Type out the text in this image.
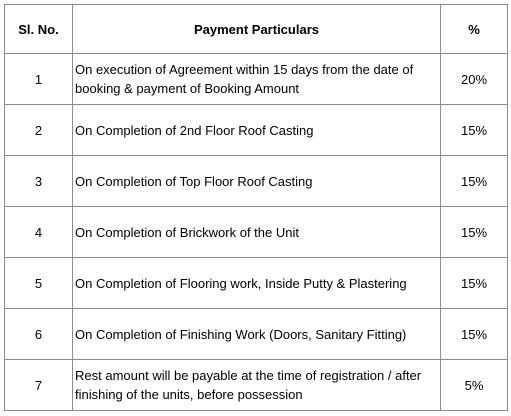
Sl. No.	Payment Particulars	%
1	On execution of Agreement within 15 days from the date of booking & payment of Booking Amount	20%
2	On Completion of 2nd Floor Roof Casting	15%
3	On Completion of Top Floor Roof Casting	15%
4	On Completion of Brickwork of the Unit	15%
5	On Completion of Flooring work, Inside Putty & Plastering	15%
6	On Completion of Finishing Work (Doors, Sanitary Fitting)	15%
7	Rest amount will be payable at the time of registration / after finishing of the units, before possession	5%
